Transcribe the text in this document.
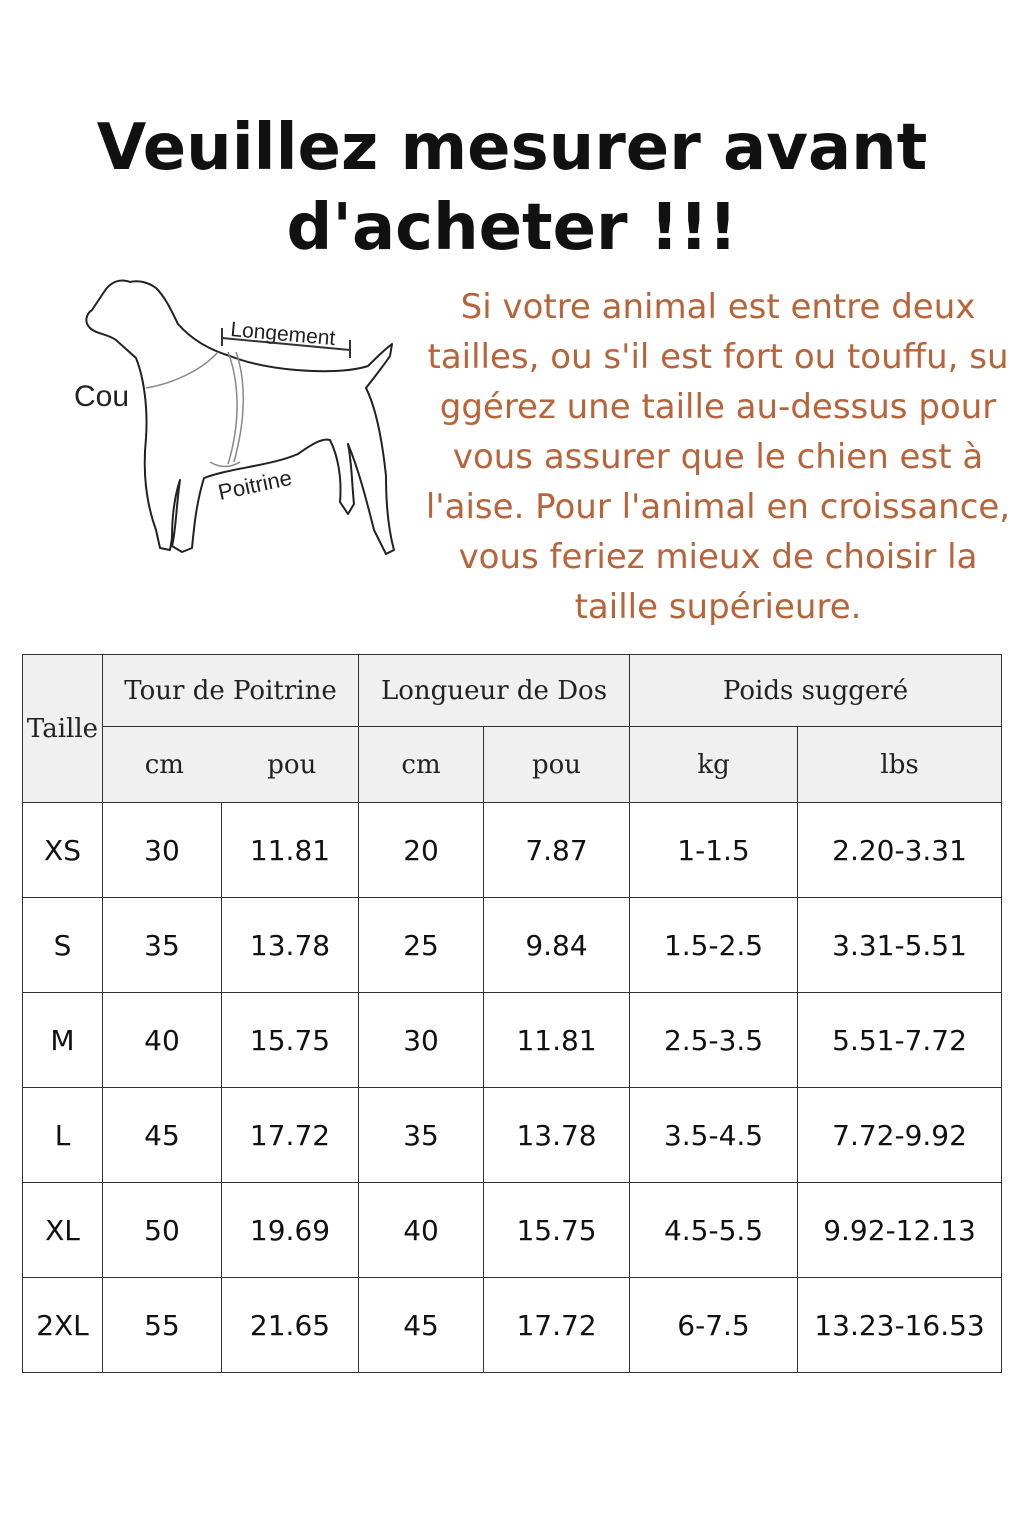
Veuillez mesurer avant
d'acheter !!!
Longement
Cou
Poitrine
Si votre animal est entre deux
tailles, ou s'il est fort ou touffu, su
ggérez une taille au-dessus pour
vous assurer que le chien est à
l'aise. Pour l'animal en croissance,
vous feriez mieux de choisir la
taille supérieure.
Taille	Tour de Poitrine		Longueur de Dos		Poids suggeré	

	cm pou		cm	pou	kg	lbs
XS	30	11.81	20	7.87	1-1.5	2.20-3.31
S	35	13.78	25	9.84	1.5-2.5	3.31-5.51
M	40	15.75	30	11.81	2.5-3.5	5.51-7.72
L	45	17.72	35	13.78	3.5-4.5	7.72-9.92
XL	50	19.69	40	15.75	4.5-5.5	9.92-12.13
2XL	55	21.65	45	17.72	6-7.5	13.23-16.53
